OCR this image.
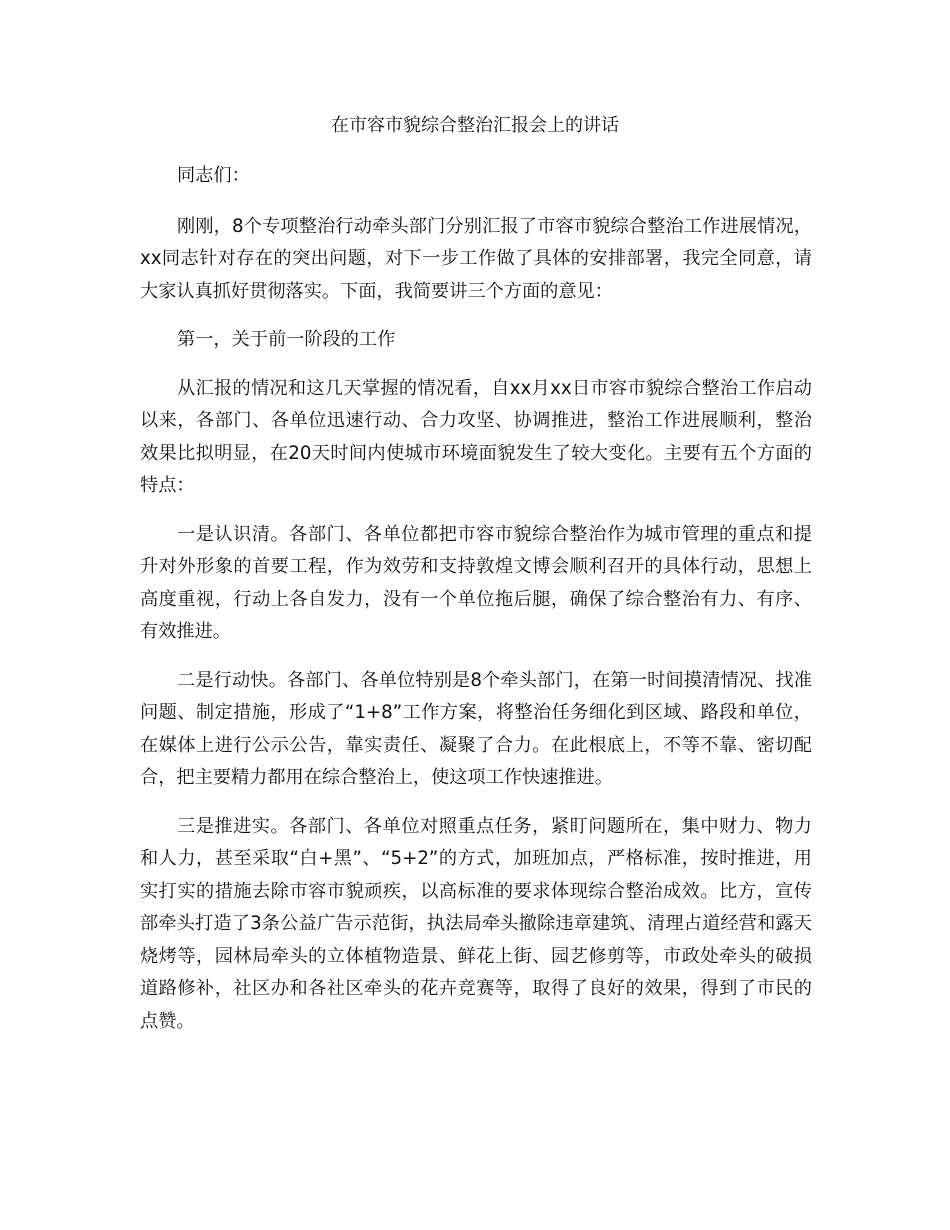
在市容市貌综合整治汇报会上的讲话

同志们：

刚刚，8个专项整治行动牵头部门分别汇报了市容市貌综合整治工作进展情况，xx同志针对存在的突出问题，对下一步工作做了具体的安排部署，我完全同意，请大家认真抓好贯彻落实。下面，我简要讲三个方面的意见：

第一，关于前一阶段的工作

从汇报的情况和这几天掌握的情况看，自xx月xx日市容市貌综合整治工作启动以来，各部门、各单位迅速行动、合力攻坚、协调推进，整治工作进展顺利，整治效果比拟明显，在20天时间内使城市环境面貌发生了较大变化。主要有五个方面的特点：

一是认识清。各部门、各单位都把市容市貌综合整治作为城市管理的重点和提升对外形象的首要工程，作为效劳和支持敦煌文博会顺利召开的具体行动，思想上高度重视，行动上各自发力，没有一个单位拖后腿，确保了综合整治有力、有序、有效推进。

二是行动快。各部门、各单位特别是8个牵头部门，在第一时间摸清情况、找准问题、制定措施，形成了“1+8”工作方案，将整治任务细化到区域、路段和单位，在媒体上进行公示公告，靠实责任、凝聚了合力。在此根底上，不等不靠、密切配合，把主要精力都用在综合整治上，使这项工作快速推进。

三是推进实。各部门、各单位对照重点任务，紧盯问题所在，集中财力、物力和人力，甚至采取“白+黑”、“5+2”的方式，加班加点，严格标准，按时推进，用实打实的措施去除市容市貌顽疾，以高标准的要求体现综合整治成效。比方，宣传部牵头打造了3条公益广告示范街，执法局牵头撤除违章建筑、清理占道经营和露天烧烤等，园林局牵头的立体植物造景、鲜花上街、园艺修剪等，市政处牵头的破损道路修补，社区办和各社区牵头的花卉竞赛等，取得了良好的效果，得到了市民的点赞。
